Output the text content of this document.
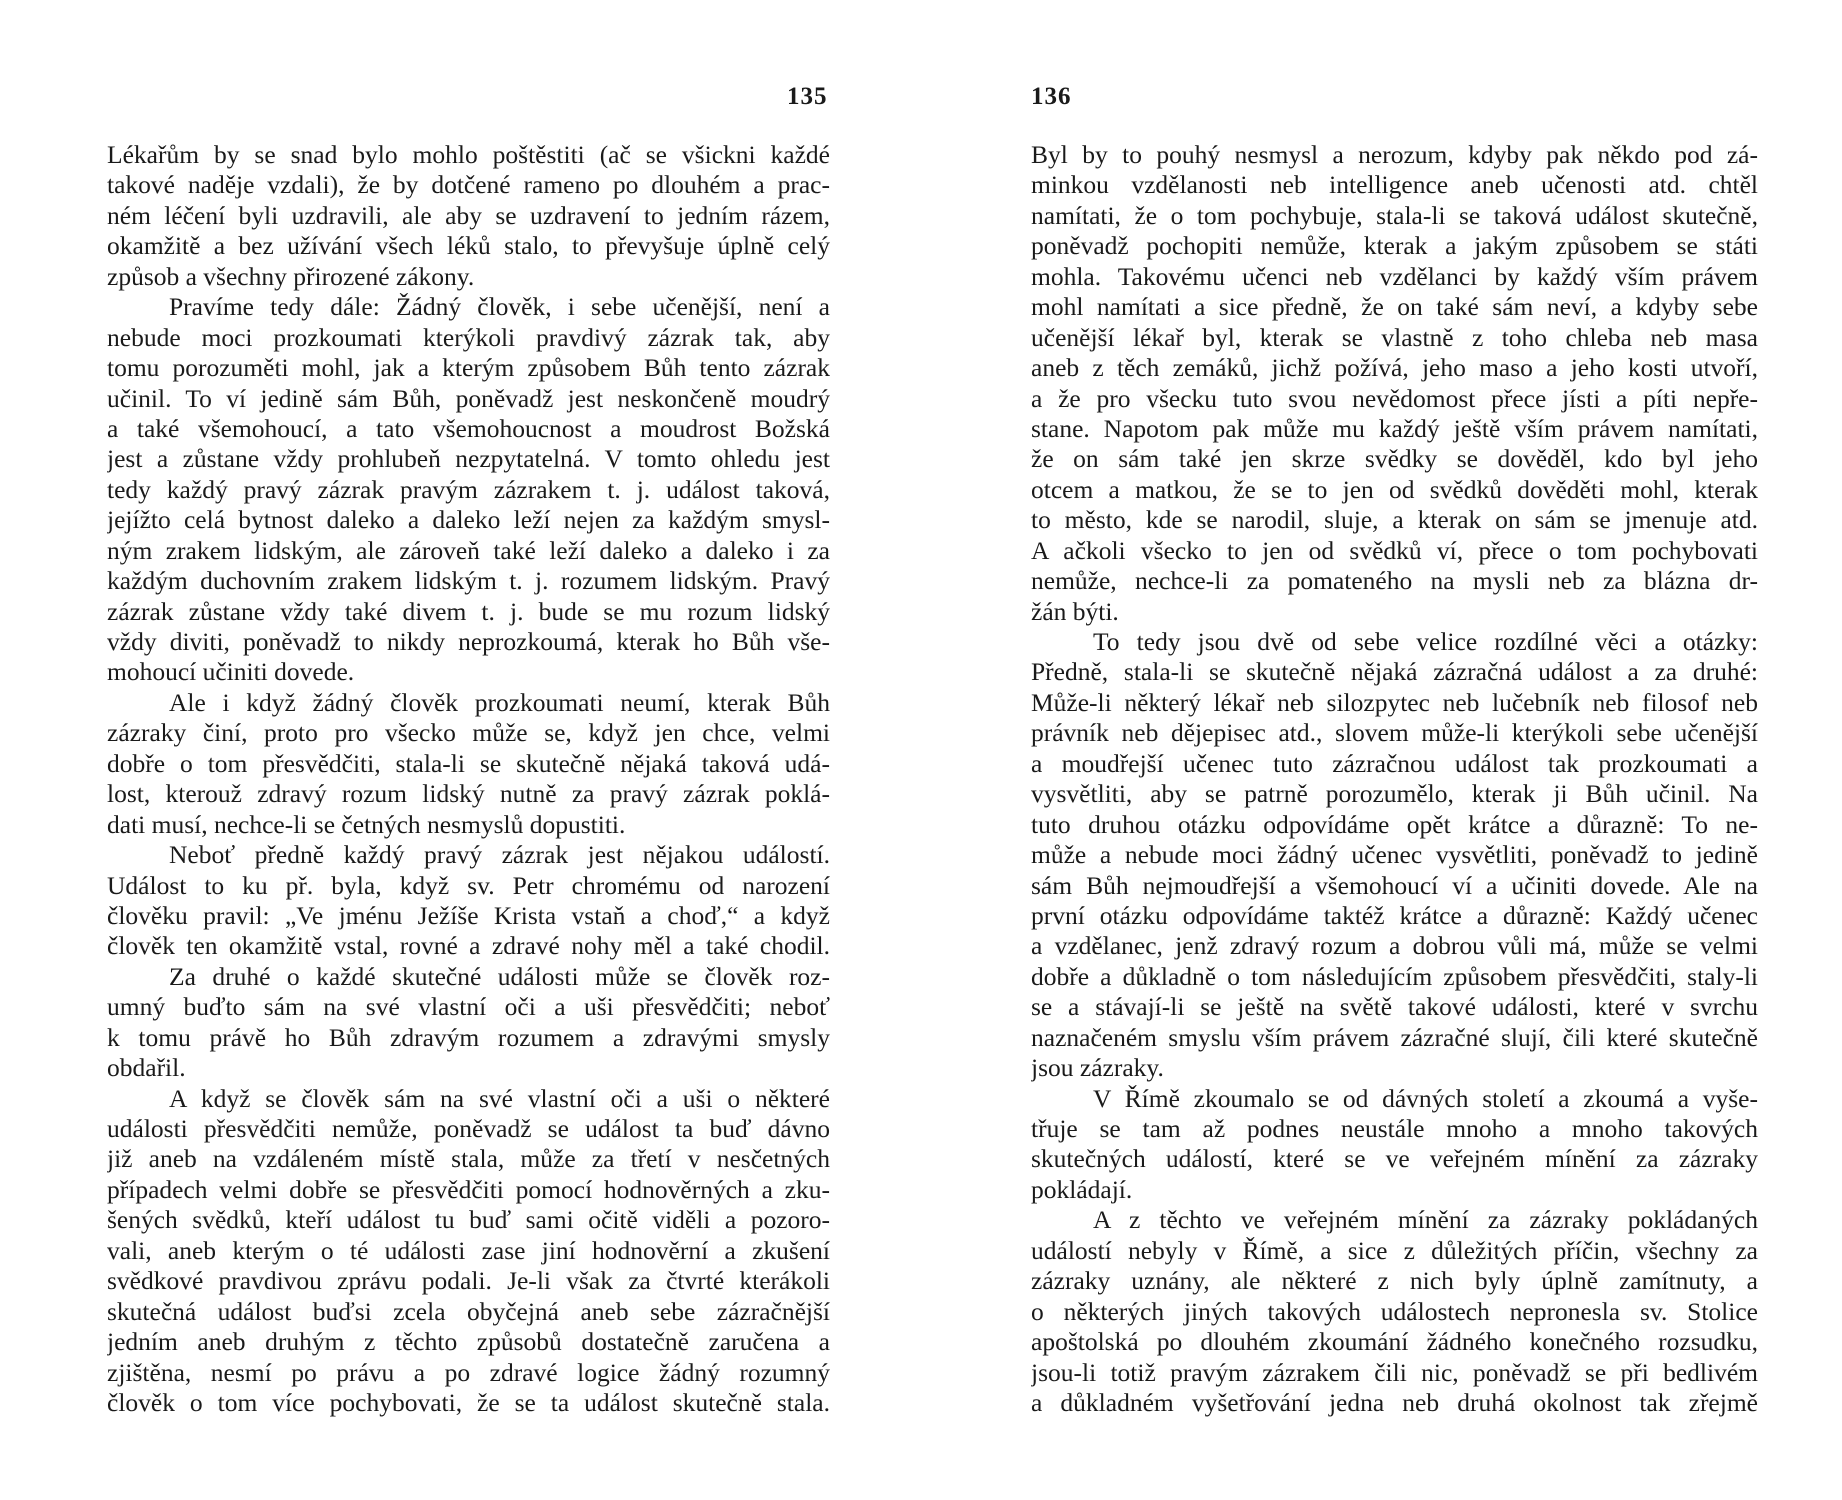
135
Lékařům by se snad bylo mohlo poštěstiti (ač se všickni každé
takové naděje vzdali), že by dotčené rameno po dlouhém a prac-
ném léčení byli uzdravili, ale aby se uzdravení to jedním rázem,
okamžitě a bez užívání všech léků stalo, to převyšuje úplně celý
způsob a všechny přirozené zákony.
Pravíme tedy dále: Žádný člověk, i sebe učenější, není a
nebude moci prozkoumati kterýkoli pravdivý zázrak tak, aby
tomu porozuměti mohl, jak a kterým způsobem Bůh tento zázrak
učinil. To ví jedině sám Bůh, poněvadž jest neskončeně moudrý
a také všemohoucí, a tato všemohoucnost a moudrost Božská
jest a zůstane vždy prohlubeň nezpytatelná. V tomto ohledu jest
tedy každý pravý zázrak pravým zázrakem t. j. událost taková,
jejížto celá bytnost daleko a daleko leží nejen za každým smysl-
ným zrakem lidským, ale zároveň také leží daleko a daleko i za
každým duchovním zrakem lidským t. j. rozumem lidským. Pravý
zázrak zůstane vždy také divem t. j. bude se mu rozum lidský
vždy diviti, poněvadž to nikdy neprozkoumá, kterak ho Bůh vše-
mohoucí učiniti dovede.
Ale i když žádný člověk prozkoumati neumí, kterak Bůh
zázraky činí, proto pro všecko může se, když jen chce, velmi
dobře o tom přesvědčiti, stala-li se skutečně nějaká taková udá-
lost, kterouž zdravý rozum lidský nutně za pravý zázrak poklá-
dati musí, nechce-li se četných nesmyslů dopustiti.
Neboť předně každý pravý zázrak jest nějakou událostí.
Událost to ku př. byla, když sv. Petr chromému od narození
člověku pravil: „Ve jménu Ježíše Krista vstaň a choď,“ a když
člověk ten okamžitě vstal, rovné a zdravé nohy měl a také chodil.
Za druhé o každé skutečné události může se člověk roz-
umný buďto sám na své vlastní oči a uši přesvědčiti; neboť
k tomu právě ho Bůh zdravým rozumem a zdravými smysly
obdařil.
A když se člověk sám na své vlastní oči a uši o některé
události přesvědčiti nemůže, poněvadž se událost ta buď dávno
již aneb na vzdáleném místě stala, může za třetí v nesčetných
případech velmi dobře se přesvědčiti pomocí hodnověrných a zku-
šených svědků, kteří událost tu buď sami očitě viděli a pozoro-
vali, aneb kterým o té události zase jiní hodnověrní a zkušení
svědkové pravdivou zprávu podali. Je-li však za čtvrté kterákoli
skutečná událost buďsi zcela obyčejná aneb sebe zázračnější
jedním aneb druhým z těchto způsobů dostatečně zaručena a
zjištěna, nesmí po právu a po zdravé logice žádný rozumný
člověk o tom více pochybovati, že se ta událost skutečně stala.
136
Byl by to pouhý nesmysl a nerozum, kdyby pak někdo pod zá-
minkou vzdělanosti neb intelligence aneb učenosti atd. chtěl
namítati, že o tom pochybuje, stala-li se taková událost skutečně,
poněvadž pochopiti nemůže, kterak a jakým způsobem se státi
mohla. Takovému učenci neb vzdělanci by každý vším právem
mohl namítati a sice předně, že on také sám neví, a kdyby sebe
učenější lékař byl, kterak se vlastně z toho chleba neb masa
aneb z těch zemáků, jichž požívá, jeho maso a jeho kosti utvoří,
a že pro všecku tuto svou nevědomost přece jísti a píti nepře-
stane. Napotom pak může mu každý ještě vším právem namítati,
že on sám také jen skrze svědky se dověděl, kdo byl jeho
otcem a matkou, že se to jen od svědků dověděti mohl, kterak
to město, kde se narodil, sluje, a kterak on sám se jmenuje atd.
A ačkoli všecko to jen od svědků ví, přece o tom pochybovati
nemůže, nechce-li za pomateného na mysli neb za blázna dr-
žán býti.
To tedy jsou dvě od sebe velice rozdílné věci a otázky:
Předně, stala-li se skutečně nějaká zázračná událost a za druhé:
Může-li některý lékař neb silozpytec neb lučebník neb filosof neb
právník neb dějepisec atd., slovem může-li kterýkoli sebe učenější
a moudřejší učenec tuto zázračnou událost tak prozkoumati a
vysvětliti, aby se patrně porozumělo, kterak ji Bůh učinil. Na
tuto druhou otázku odpovídáme opět krátce a důrazně: To ne-
může a nebude moci žádný učenec vysvětliti, poněvadž to jedině
sám Bůh nejmoudřejší a všemohoucí ví a učiniti dovede. Ale na
první otázku odpovídáme taktéž krátce a důrazně: Každý učenec
a vzdělanec, jenž zdravý rozum a dobrou vůli má, může se velmi
dobře a důkladně o tom následujícím způsobem přesvědčiti, staly-li
se a stávají-li se ještě na světě takové události, které v svrchu
naznačeném smyslu vším právem zázračné slují, čili které skutečně
jsou zázraky.
V Římě zkoumalo se od dávných století a zkoumá a vyše-
třuje se tam až podnes neustále mnoho a mnoho takových
skutečných událostí, které se ve veřejném mínění za zázraky
pokládají.
A z těchto ve veřejném mínění za zázraky pokládaných
událostí nebyly v Římě, a sice z důležitých příčin, všechny za
zázraky uznány, ale některé z nich byly úplně zamítnuty, a
o některých jiných takových událostech nepronesla sv. Stolice
apoštolská po dlouhém zkoumání žádného konečného rozsudku,
jsou-li totiž pravým zázrakem čili nic, poněvadž se při bedlivém
a důkladném vyšetřování jedna neb druhá okolnost tak zřejmě
